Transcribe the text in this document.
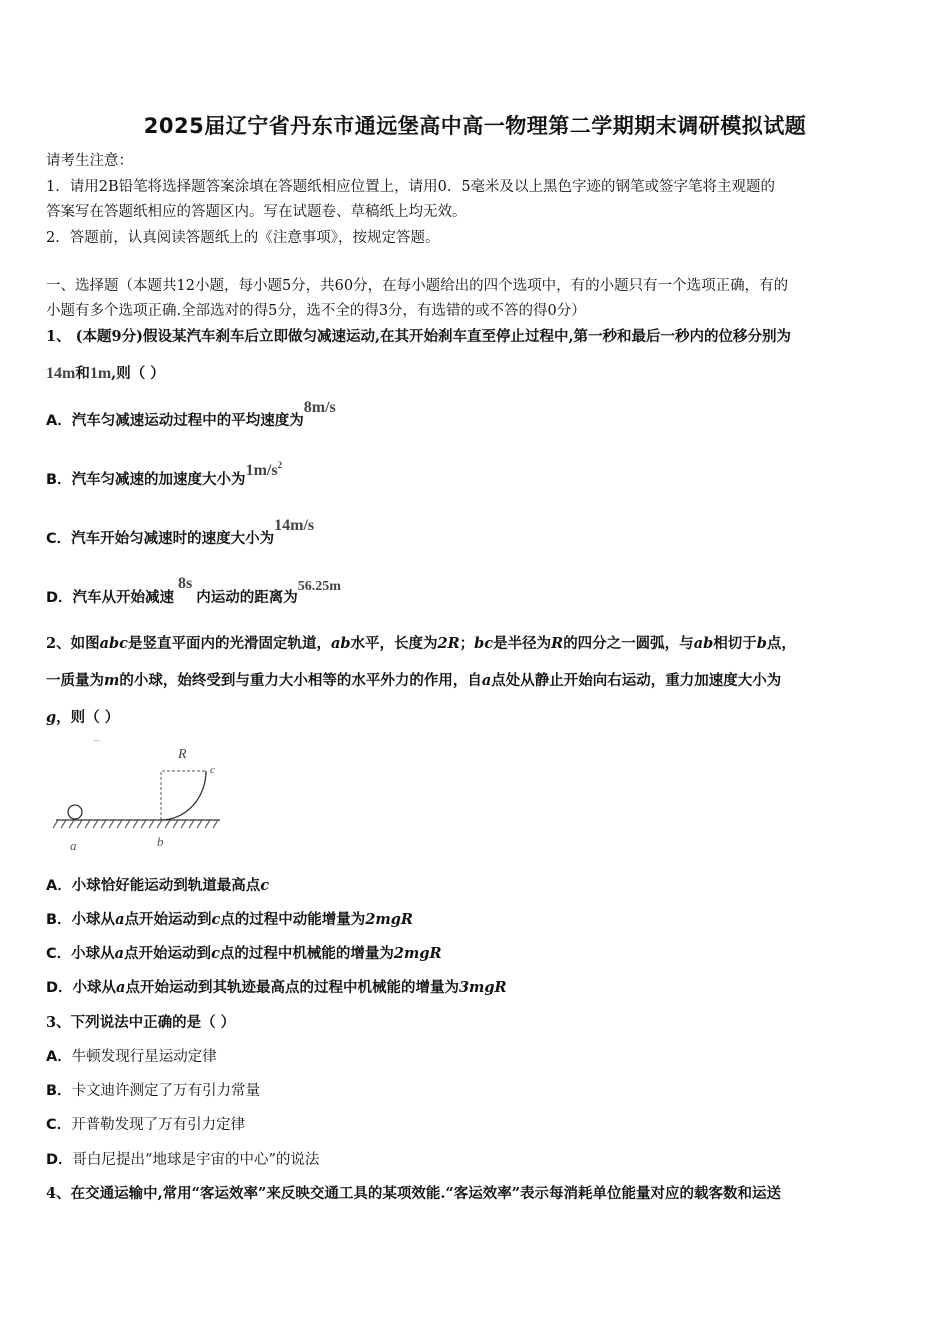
2025届辽宁省丹东市通远堡高中高一物理第二学期期末调研模拟试题
请考生注意：
1．请用2B铅笔将选择题答案涂填在答题纸相应位置上，请用0．5毫米及以上黑色字迹的钢笔或签字笔将主观题的
答案写在答题纸相应的答题区内。写在试题卷、草稿纸上均无效。
2．答题前，认真阅读答题纸上的《注意事项》，按规定答题。
一、选择题（本题共12小题，每小题5分，共60分，在每小题给出的四个选项中，有的小题只有一个选项正确，有的
小题有多个选项正确.全部选对的得5分，选不全的得3分，有选错的或不答的得0分）
1、 (本题9分)假设某汽车刹车后立即做匀减速运动,在其开始刹车直至停止过程中,第一秒和最后一秒内的位移分别为
14m和1m,则（ ）
A．汽车匀减速运动过程中的平均速度为8m/s
B．汽车匀减速的加速度大小为$1m/s^2$
C．汽车开始匀减速时的速度大小为14m/s
D．汽车从开始减速8s内运动的距离为56.25m
2、如图abc是竖直平面内的光滑固定轨道，ab水平，长度为2R；bc是半径为R的四分之一圆弧，与ab相切于b点，
一质量为m的小球，始终受到与重力大小相等的水平外力的作用，自a点处从静止开始向右运动，重力加速度大小为
g，则（ ）
R
c
a	b
A．小球恰好能运动到轨道最高点c
B．小球从a点开始运动到c点的过程中动能增量为2mgR
C．小球从a点开始运动到c点的过程中机械能的增量为2mgR
D．小球从a点开始运动到其轨迹最高点的过程中机械能的增量为3mgR
3、下列说法中正确的是（ ）
A．牛顿发现行星运动定律
B．卡文迪许测定了万有引力常量
C．开普勒发现了万有引力定律
D．哥白尼提出“地球是宇宙的中心”的说法
4、在交通运输中,常用“客运效率”来反映交通工具的某项效能.“客运效率”表示每消耗单位能量对应的载客数和运送
